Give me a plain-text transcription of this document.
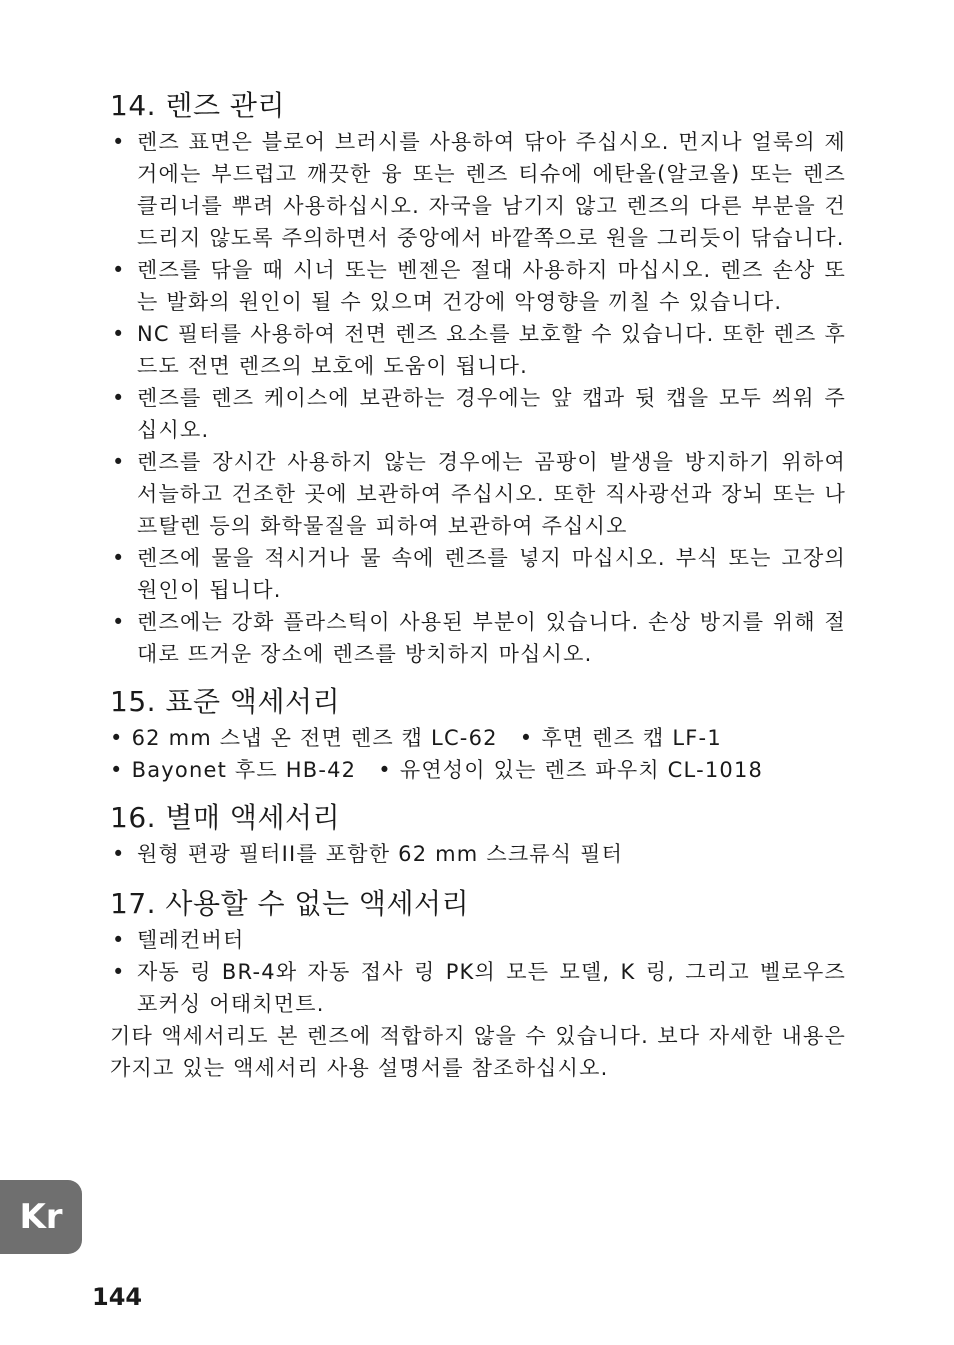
14. 렌즈 관리
• 렌즈 표면은 블로어 브러시를 사용하여 닦아 주십시오. 먼지나 얼룩의 제거에는 부드럽고 깨끗한 융 또는 렌즈 티슈에 에탄올(알코올) 또는 렌즈 클리너를 뿌려 사용하십시오. 자국을 남기지 않고 렌즈의 다른 부분을 건드리지 않도록 주의하면서 중앙에서 바깥쪽으로 원을 그리듯이 닦습니다.
• 렌즈를 닦을 때 시너 또는 벤젠은 절대 사용하지 마십시오. 렌즈 손상 또는 발화의 원인이 될 수 있으며 건강에 악영향을 끼칠 수 있습니다.
• NC 필터를 사용하여 전면 렌즈 요소를 보호할 수 있습니다. 또한 렌즈 후드도 전면 렌즈의 보호에 도움이 됩니다.
• 렌즈를 렌즈 케이스에 보관하는 경우에는 앞 캡과 뒷 캡을 모두 씌워 주십시오.
• 렌즈를 장시간 사용하지 않는 경우에는 곰팡이 발생을 방지하기 위하여 서늘하고 건조한 곳에 보관하여 주십시오. 또한 직사광선과 장뇌 또는 나프탈렌 등의 화학물질을 피하여 보관하여 주십시오
• 렌즈에 물을 적시거나 물 속에 렌즈를 넣지 마십시오. 부식 또는 고장의 원인이 됩니다.
• 렌즈에는 강화 플라스틱이 사용된 부분이 있습니다. 손상 방지를 위해 절대로 뜨거운 장소에 렌즈를 방치하지 마십시오.
15. 표준 액세서리
• 62 mm 스냅 온 전면 렌즈 캡 LC-62 • 후면 렌즈 캡 LF-1
• Bayonet 후드 HB-42 • 유연성이 있는 렌즈 파우치 CL-1018
16. 별매 액세서리
• 원형 편광 필터II를 포함한 62 mm 스크류식 필터
17. 사용할 수 없는 액세서리
• 텔레컨버터
• 자동 링 BR-4와 자동 접사 링 PK의 모든 모델, K 링, 그리고 벨로우즈 포커싱 어태치먼트.

기타 액세서리도 본 렌즈에 적합하지 않을 수 있습니다. 보다 자세한 내용은 가지고 있는 액세서리 사용 설명서를 참조하십시오.

Kr
144
